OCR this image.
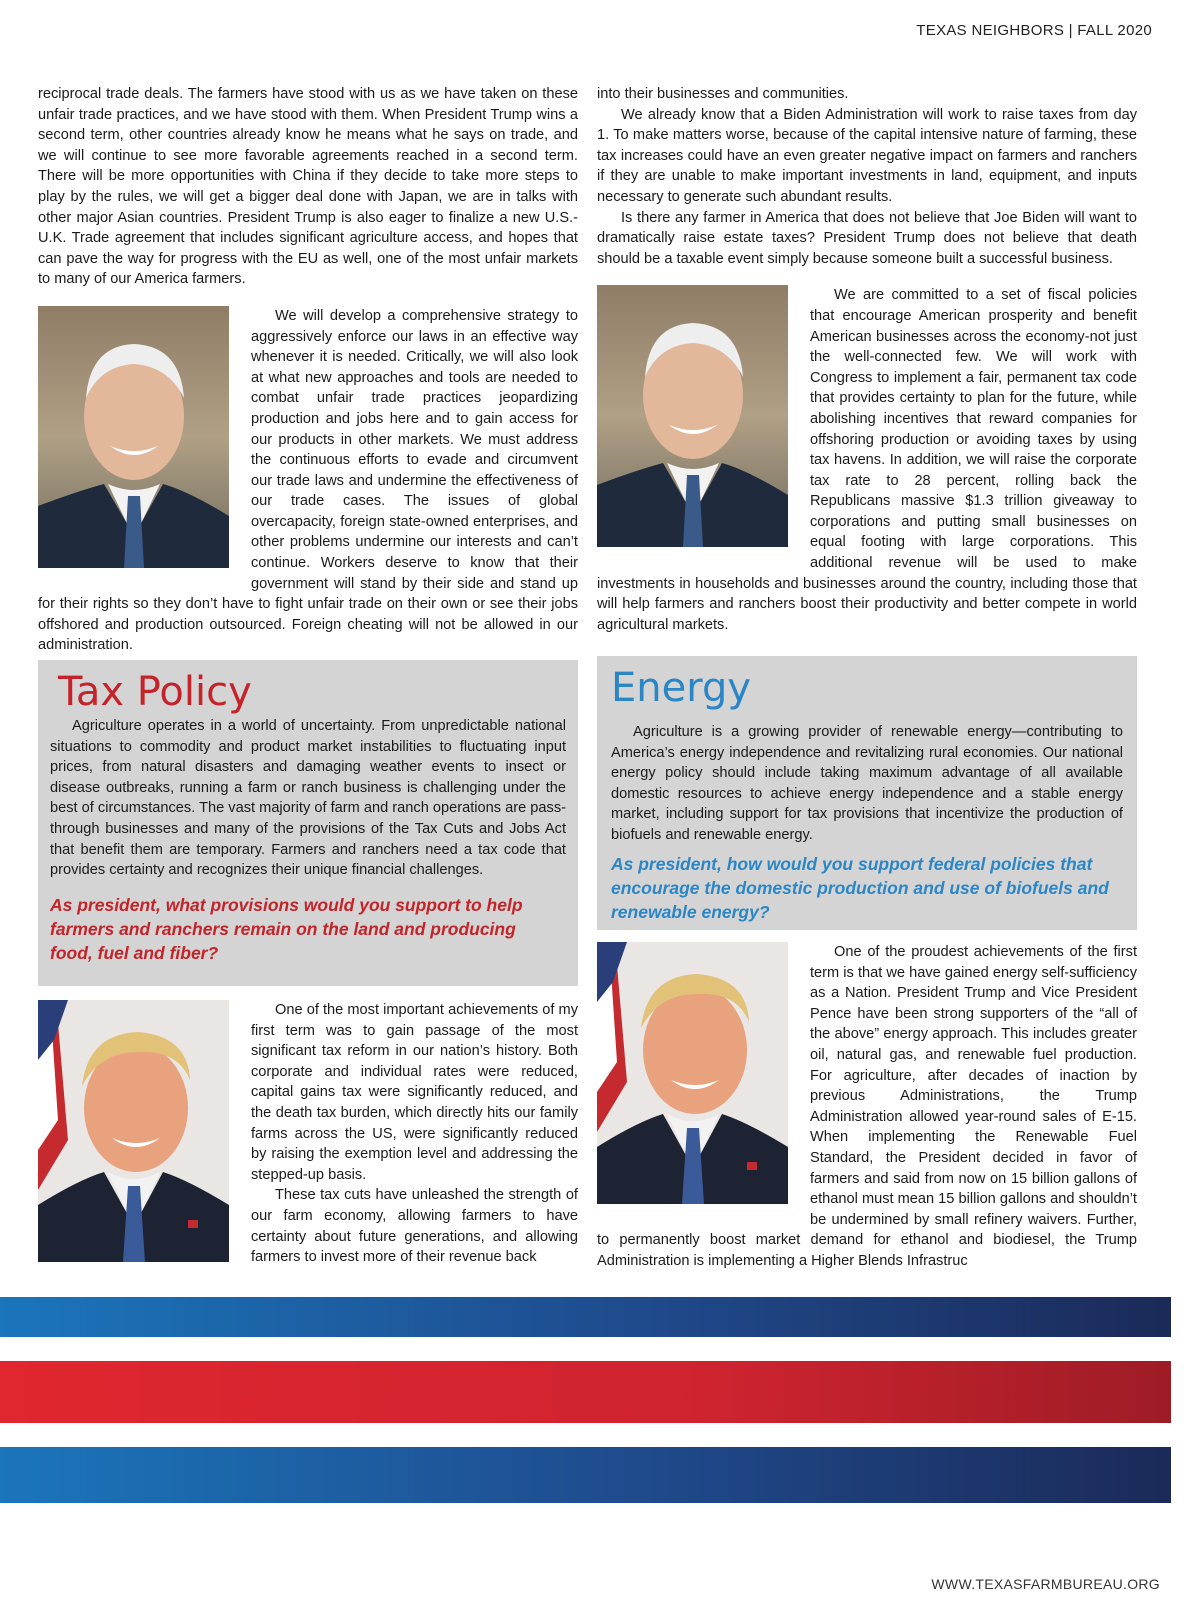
TEXAS NEIGHBORS | FALL 2020

reciprocal trade deals. The farmers have stood with us as we have taken on these unfair trade practices, and we have stood with them. When President Trump wins a second term, other countries already know he means what he says on trade, and we will continue to see more favorable agreements reached in a second term. There will be more opportunities with China if they decide to take more steps to play by the rules, we will get a bigger deal done with Japan, we are in talks with other major Asian countries. President Trump is also eager to finalize a new U.S.-U.K. Trade agreement that includes significant agriculture access, and hopes that can pave the way for progress with the EU as well, one of the most unfair markets to many of our America farmers.

We will develop a comprehensive strategy to aggressively enforce our laws in an effective way whenever it is needed. Critically, we will also look at what new approaches and tools are needed to combat unfair trade practices jeopardizing production and jobs here and to gain access for our products in other markets. We must address the continuous efforts to evade and circumvent our trade laws and undermine the effectiveness of our trade cases. The issues of global overcapacity, foreign state-owned enterprises, and other problems undermine our interests and can’t continue. Workers deserve to know that their government will stand by their side and stand up for their rights so they don’t have to fight unfair trade on their own or see their jobs offshored and production outsourced. Foreign cheating will not be allowed in our administration.

into their businesses and communities.

We already know that a Biden Administration will work to raise taxes from day 1. To make matters worse, because of the capital intensive nature of farming, these tax increases could have an even greater negative impact on farmers and ranchers if they are unable to make important investments in land, equipment, and inputs necessary to generate such abundant results.

Is there any farmer in America that does not believe that Joe Biden will want to dramatically raise estate taxes? President Trump does not believe that death should be a taxable event simply because someone built a successful business.

We are committed to a set of fiscal policies that encourage American prosperity and benefit American businesses across the economy-not just the well-connected few. We will work with Congress to implement a fair, permanent tax code that provides certainty to plan for the future, while abolishing incentives that reward companies for offshoring production or avoiding taxes by using tax havens. In addition, we will raise the corporate tax rate to 28 percent, rolling back the Republicans massive $1.3 trillion giveaway to corporations and putting small businesses on equal footing with large corporations. This additional revenue will be used to make investments in households and businesses around the country, including those that will help farmers and ranchers boost their productivity and better compete in world agricultural markets.

Tax Policy

Agriculture operates in a world of uncertainty. From unpredictable national situations to commodity and product market instabilities to fluctuating input prices, from natural disasters and damaging weather events to insect or disease outbreaks, running a farm or ranch business is challenging under the best of circumstances. The vast majority of farm and ranch operations are pass-through businesses and many of the provisions of the Tax Cuts and Jobs Act that benefit them are temporary. Farmers and ranchers need a tax code that provides certainty and recognizes their unique financial challenges.

As president, what provisions would you support to help farmers and ranchers remain on the land and producing food, fuel and fiber?

Energy

Agriculture is a growing provider of renewable energy—contributing to America’s energy independence and revitalizing rural economies. Our national energy policy should include taking maximum advantage of all available domestic resources to achieve energy independence and a stable energy market, including support for tax provisions that incentivize the production of biofuels and renewable energy.

As president, how would you support federal policies that encourage the domestic production and use of biofuels and renewable energy?

One of the most important achievements of my first term was to gain passage of the most significant tax reform in our nation’s history. Both corporate and individual rates were reduced, capital gains tax were significantly reduced, and the death tax burden, which directly hits our family farms across the US, were significantly reduced by raising the exemption level and addressing the stepped-up basis.

These tax cuts have unleashed the strength of our farm economy, allowing farmers to have certainty about future generations, and allowing farmers to invest more of their revenue back

One of the proudest achievements of the first term is that we have gained energy self-sufficiency as a Nation. President Trump and Vice President Pence have been strong supporters of the “all of the above” energy approach. This includes greater oil, natural gas, and renewable fuel production. For agriculture, after decades of inaction by previous Administrations, the Trump Administration allowed year-round sales of E-15. When implementing the Renewable Fuel Standard, the President decided in favor of farmers and said from now on 15 billion gallons of ethanol must mean 15 billion gallons and shouldn’t be undermined by small refinery waivers. Further, to permanently boost market demand for ethanol and biodiesel, the Trump Administration is implementing a Higher Blends Infrastruc

WWW.TEXASFARMBUREAU.ORG
